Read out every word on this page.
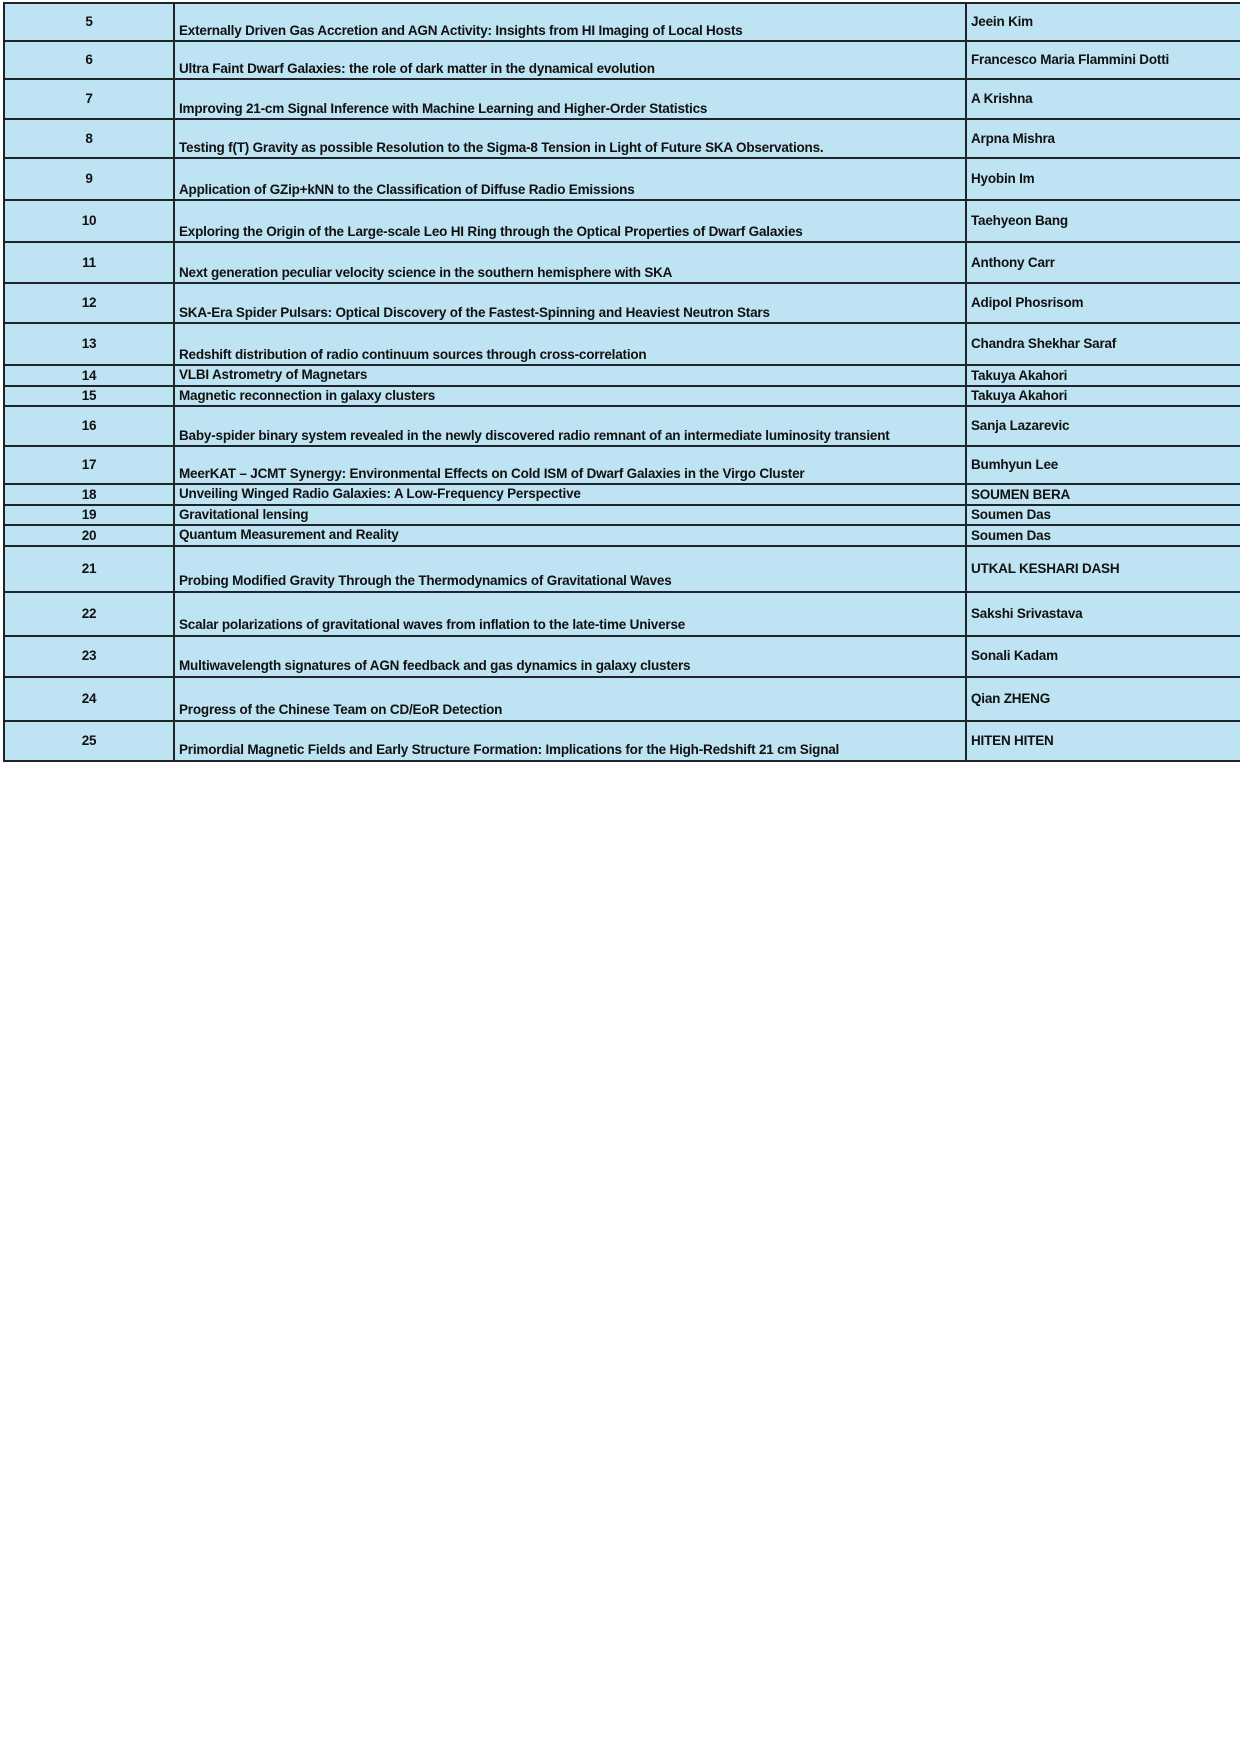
5	Externally Driven Gas Accretion and AGN Activity: Insights from HI Imaging of Local Hosts	Jeein Kim
6	Ultra Faint Dwarf Galaxies: the role of dark matter in the dynamical evolution	Francesco Maria Flammini Dotti
7	Improving 21-cm Signal Inference with Machine Learning and Higher-Order Statistics	A Krishna
8	Testing f(T) Gravity as possible Resolution to the Sigma-8 Tension in Light of Future SKA Observations.	Arpna Mishra
9	Application of GZip+kNN to the Classification of Diffuse Radio Emissions	Hyobin Im
10	Exploring the Origin of the Large-scale Leo HI Ring through the Optical Properties of Dwarf Galaxies	Taehyeon Bang
11	Next generation peculiar velocity science in the southern hemisphere with SKA	Anthony Carr
12	SKA-Era Spider Pulsars: Optical Discovery of the Fastest-Spinning and Heaviest Neutron Stars	Adipol Phosrisom
13	Redshift distribution of radio continuum sources through cross-correlation	Chandra Shekhar Saraf
14	VLBI Astrometry of Magnetars	Takuya Akahori
15	Magnetic reconnection in galaxy clusters	Takuya Akahori
16	Baby-spider binary system revealed in the newly discovered radio remnant of an intermediate luminosity transient	Sanja Lazarevic
17	MeerKAT – JCMT Synergy: Environmental Effects on Cold ISM of Dwarf Galaxies in the Virgo Cluster	Bumhyun Lee
18	Unveiling Winged Radio Galaxies: A Low-Frequency Perspective	SOUMEN BERA
19	Gravitational lensing	Soumen Das
20	Quantum Measurement and Reality	Soumen Das
21	Probing Modified Gravity Through the Thermodynamics of Gravitational Waves	UTKAL KESHARI DASH
22	Scalar polarizations of gravitational waves from inflation to the late-time Universe	Sakshi Srivastava
23	Multiwavelength signatures of AGN feedback and gas dynamics in galaxy clusters	Sonali Kadam
24	Progress of the Chinese Team on CD/EoR Detection	Qian ZHENG
25	Primordial Magnetic Fields and Early Structure Formation: Implications for the High-Redshift 21 cm Signal	HITEN HITEN
